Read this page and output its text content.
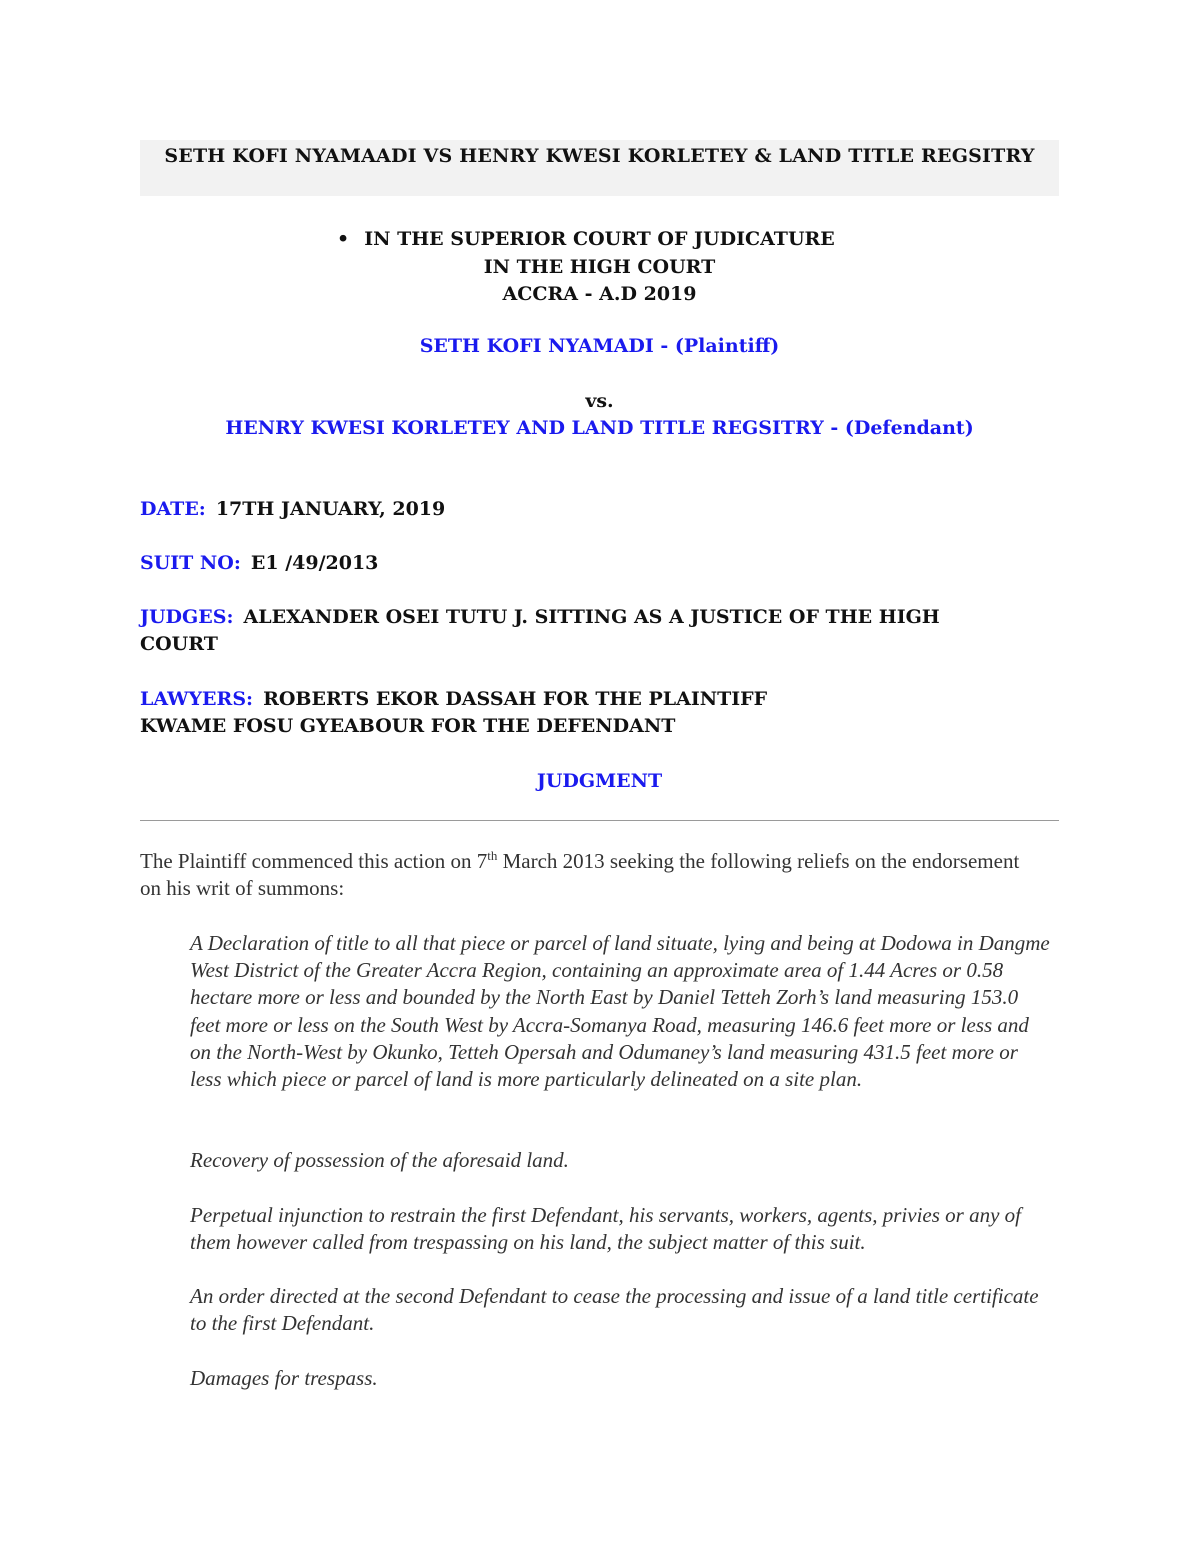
SETH KOFI NYAMAADI VS HENRY KWESI KORLETEY & LAND TITLE REGSITRY
• IN THE SUPERIOR COURT OF JUDICATURE
IN THE HIGH COURT
ACCRA - A.D 2019
SETH KOFI NYAMADI - (Plaintiff)
vs.
HENRY KWESI KORLETEY AND LAND TITLE REGSITRY - (Defendant)
DATE: 17TH JANUARY, 2019
SUIT NO: E1 /49/2013
JUDGES: ALEXANDER OSEI TUTU J. SITTING AS A JUSTICE OF THE HIGH COURT
LAWYERS: ROBERTS EKOR DASSAH FOR THE PLAINTIFF
KWAME FOSU GYEABOUR FOR THE DEFENDANT
JUDGMENT
The Plaintiff commenced this action on 7th March 2013 seeking the following reliefs on the endorsement on his writ of summons:
A Declaration of title to all that piece or parcel of land situate, lying and being at Dodowa in Dangme West District of the Greater Accra Region, containing an approximate area of 1.44 Acres or 0.58 hectare more or less and bounded by the North East by Daniel Tetteh Zorh’s land measuring 153.0 feet more or less on the South West by Accra-Somanya Road, measuring 146.6 feet more or less and on the North-West by Okunko, Tetteh Opersah and Odumaney’s land measuring 431.5 feet more or less which piece or parcel of land is more particularly delineated on a site plan.
Recovery of possession of the aforesaid land.
Perpetual injunction to restrain the first Defendant, his servants, workers, agents, privies or any of them however called from trespassing on his land, the subject matter of this suit.
An order directed at the second Defendant to cease the processing and issue of a land title certificate to the first Defendant.
Damages for trespass.
